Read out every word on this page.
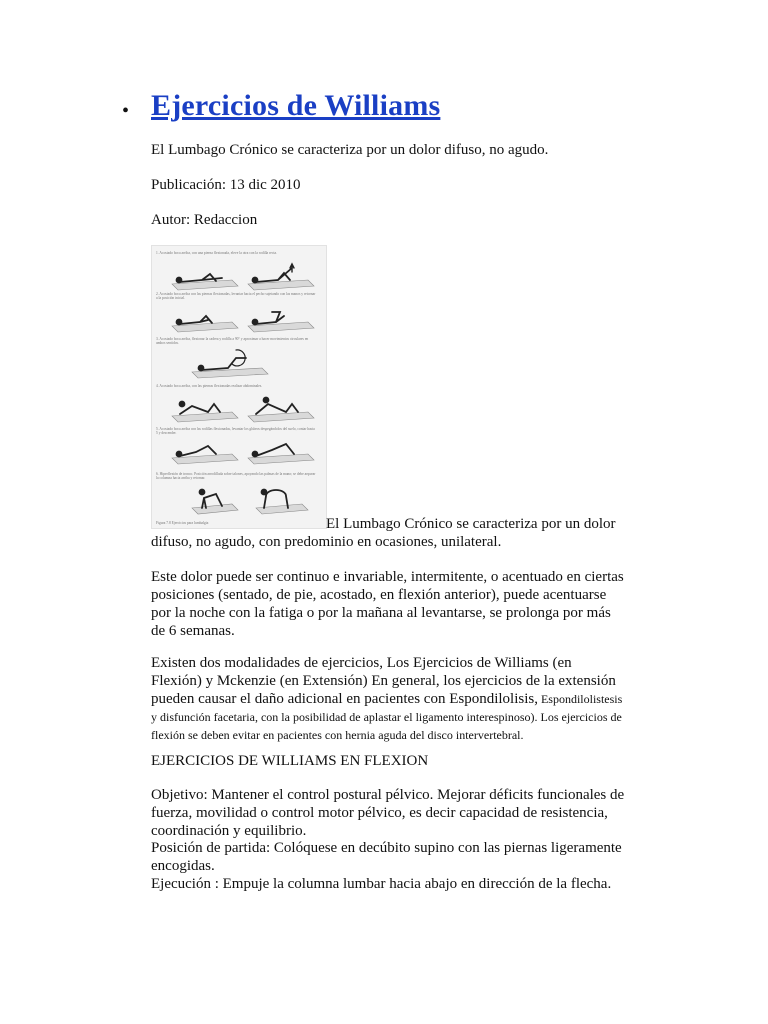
• Ejercicios de Williams

El Lumbago Crónico se caracteriza por un dolor difuso, no agudo.

Publicación: 13 dic 2010

Autor: Redaccion

1. Acostado boca arriba, con una pierna flexionada, eleve la otra con la rodilla recta.
2. Acostado boca arriba con las piernas flexionadas, levantar hacia el pecho sujetando con las manos y retornar a la posición inicial.
3. Acostado boca arriba, flexionar la cadera y rodilla a 90° y aproximar a hacer movimientos circulares en ambos sentidos.
4. Acostado boca arriba, con las piernas flexionadas realizar abdominales.
5. Acostado boca arriba con las rodillas flexionadas, levantar los glúteos despegándolos del suelo, contar hasta 5 y descender.
6. Hiperflexión de tronco. Posición arrodillada sobre talones, apoyando las palmas de la mano; se debe arquear la columna hacia arriba y retornar.
Figura 7.8 Ejercicios para lumbalgia	El Lumbago Crónico se caracteriza por un dolor difuso, no agudo, con predominio en ocasiones, unilateral.

Este dolor puede ser continuo e invariable, intermitente, o acentuado en ciertas posiciones (sentado, de pie, acostado, en flexión anterior), puede acentuarse por la noche con la fatiga o por la mañana al levantarse, se prolonga por más de 6 semanas.

Existen dos modalidades de ejercicios, Los Ejercicios de Williams (en Flexión) y Mckenzie (en Extensión) En general, los ejercicios de la extensión pueden causar el daño adicional en pacientes con Espondilolisis, Espondilolistesis y disfunción facetaria, con la posibilidad de aplastar el ligamento interespinoso). Los ejercicios de flexión se deben evitar en pacientes con hernia aguda del disco intervertebral.

EJERCICIOS DE WILLIAMS EN FLEXION

Objetivo: Mantener el control postural pélvico. Mejorar déficits funcionales de fuerza, movilidad o control motor pélvico, es decir capacidad de resistencia, coordinación y equilibrio.

Posición de partida: Colóquese en decúbito supino con las piernas ligeramente encogidas.

Ejecución : Empuje la columna lumbar hacia abajo en dirección de la flecha.
